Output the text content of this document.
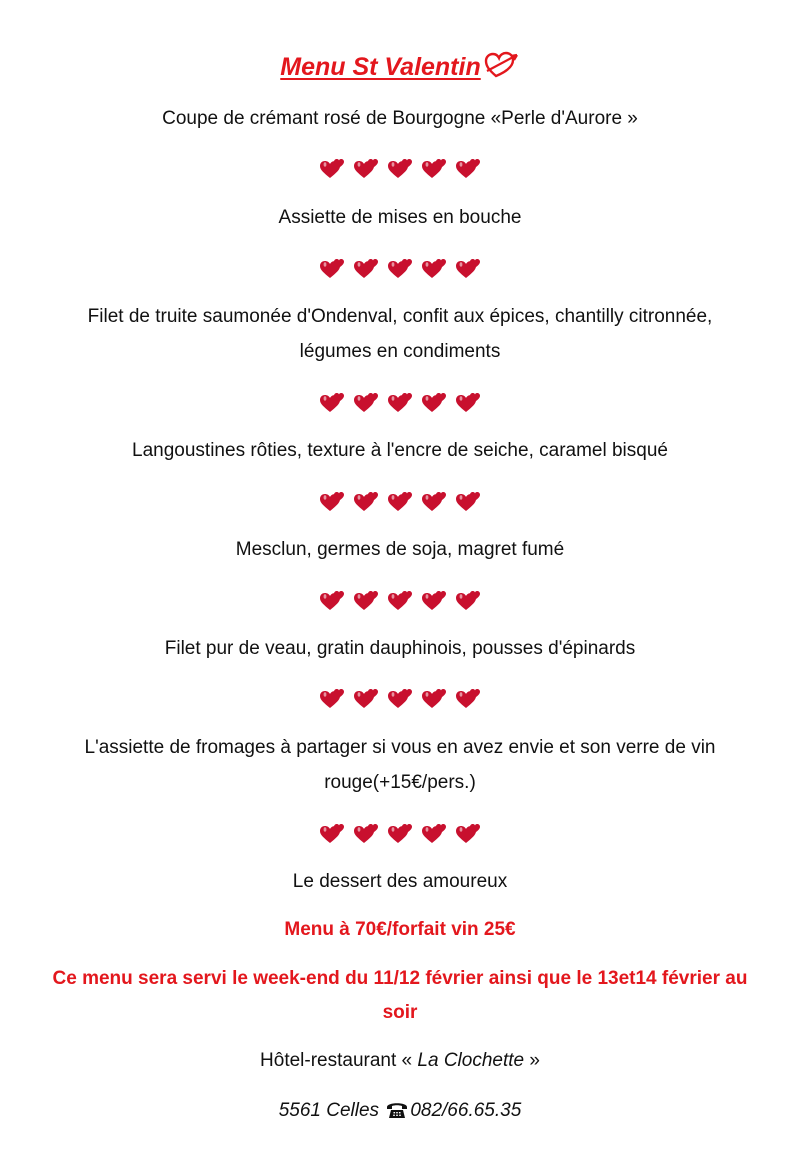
Menu St Valentin
Coupe de crémant rosé de Bourgogne «Perle d'Aurore »
Assiette de mises en bouche
Filet de truite saumonée d'Ondenval, confit aux épices, chantilly citronnée,
légumes en condiments
Langoustines rôties, texture à l'encre de seiche, caramel bisqué
Mesclun, germes de soja, magret fumé
Filet pur de veau, gratin dauphinois, pousses d'épinards
L'assiette de fromages à partager si vous en avez envie et son verre de vin
rouge(+15€/pers.)
Le dessert des amoureux
Menu à 70€/forfait vin 25€
Ce menu sera servi le week-end du 11/12 février ainsi que le 13et14 février au
soir
Hôtel-restaurant « La Clochette »
5561 Celles 082/66.65.35
